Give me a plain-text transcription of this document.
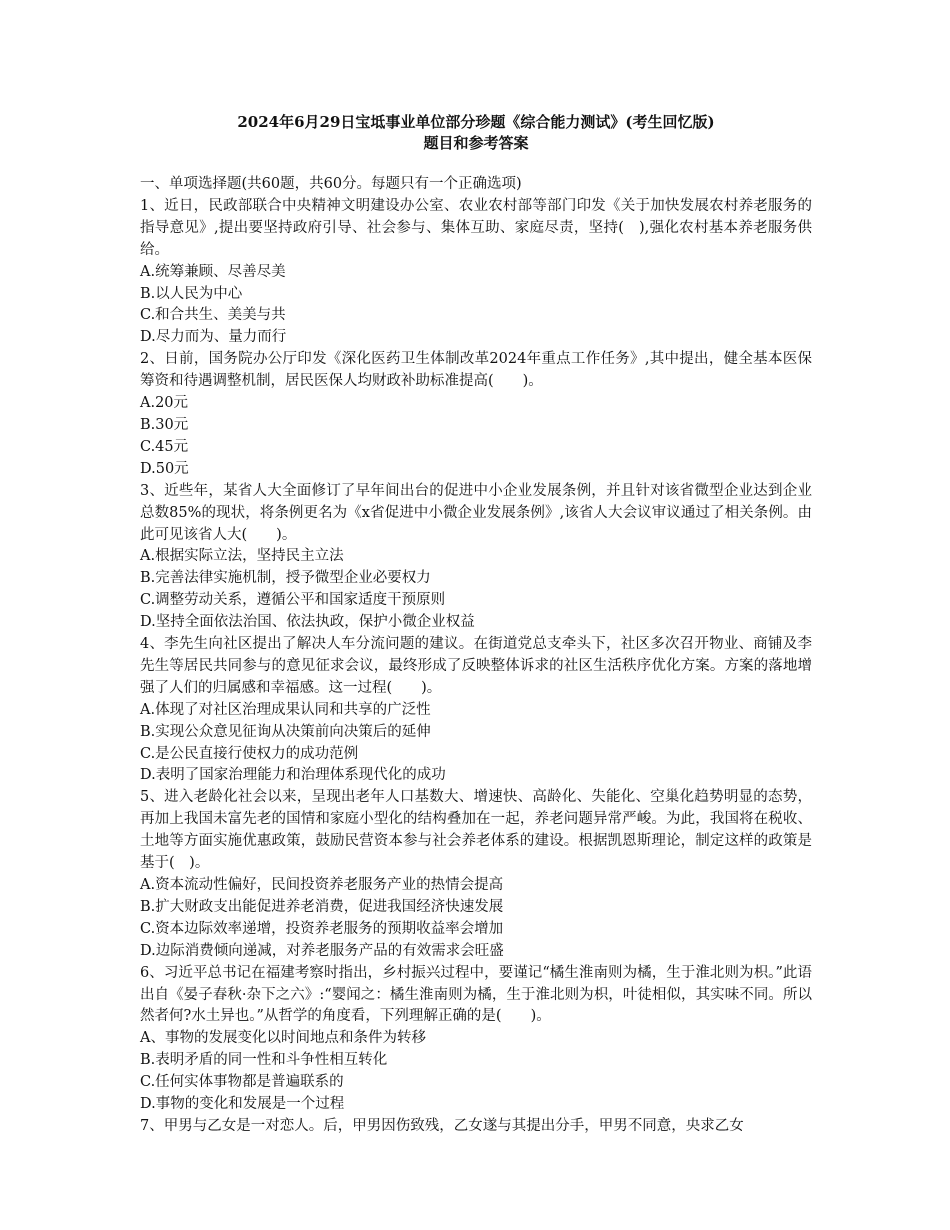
2024年6月29日宝坻事业单位部分珍题《综合能力测试》(考生回忆版)

题目和参考答案

一、单项选择题(共60题，共60分。每题只有一个正确选项)

1、近日，民政部联合中央精神文明建设办公室、农业农村部等部门印发《关于加快发展农村养老服务的指导意见》,提出要坚持政府引导、社会参与、集体互助、家庭尽责，坚持(　),强化农村基本养老服务供给。

A.统筹兼顾、尽善尽美

B.以人民为中心

C.和合共生、美美与共

D.尽力而为、量力而行

2、日前，国务院办公厅印发《深化医药卫生体制改革2024年重点工作任务》,其中提出，健全基本医保筹资和待遇调整机制，居民医保人均财政补助标准提高(　　)。

A.20元

B.30元

C.45元

D.50元

3、近些年，某省人大全面修订了早年间出台的促进中小企业发展条例，并且针对该省微型企业达到企业总数85%的现状，将条例更名为《x省促进中小微企业发展条例》,该省人大会议审议通过了相关条例。由此可见该省人大(　　)。

A.根据实际立法，坚持民主立法

B.完善法律实施机制，授予微型企业必要权力

C.调整劳动关系，遵循公平和国家适度干预原则

D.坚持全面依法治国、依法执政，保护小微企业权益

4、李先生向社区提出了解决人车分流问题的建议。在街道党总支牵头下，社区多次召开物业、商铺及李先生等居民共同参与的意见征求会议，最终形成了反映整体诉求的社区生活秩序优化方案。方案的落地增强了人们的归属感和幸福感。这一过程(　　)。

A.体现了对社区治理成果认同和共享的广泛性

B.实现公众意见征询从决策前向决策后的延伸

C.是公民直接行使权力的成功范例

D.表明了国家治理能力和治理体系现代化的成功

5、进入老龄化社会以来，呈现出老年人口基数大、增速快、高龄化、失能化、空巢化趋势明显的态势，再加上我国未富先老的国情和家庭小型化的结构叠加在一起，养老问题异常严峻。为此，我国将在税收、土地等方面实施优惠政策，鼓励民营资本参与社会养老体系的建设。根据凯恩斯理论，制定这样的政策是基于(　)。

A.资本流动性偏好，民间投资养老服务产业的热情会提高

B.扩大财政支出能促进养老消费，促进我国经济快速发展

C.资本边际效率递增，投资养老服务的预期收益率会增加

D.边际消费倾向递减，对养老服务产品的有效需求会旺盛

6、习近平总书记在福建考察时指出，乡村振兴过程中，要谨记“橘生淮南则为橘，生于淮北则为枳。”此语出自《晏子春秋·杂下之六》:“婴闻之：橘生淮南则为橘，生于淮北则为枳，叶徒相似，其实味不同。所以然者何?水土异也。”从哲学的角度看，下列理解正确的是(　　)。

A、事物的发展变化以时间地点和条件为转移

B.表明矛盾的同一性和斗争性相互转化

C.任何实体事物都是普遍联系的

D.事物的变化和发展是一个过程

7、甲男与乙女是一对恋人。后，甲男因伤致残，乙女遂与其提出分手，甲男不同意，央求乙女
